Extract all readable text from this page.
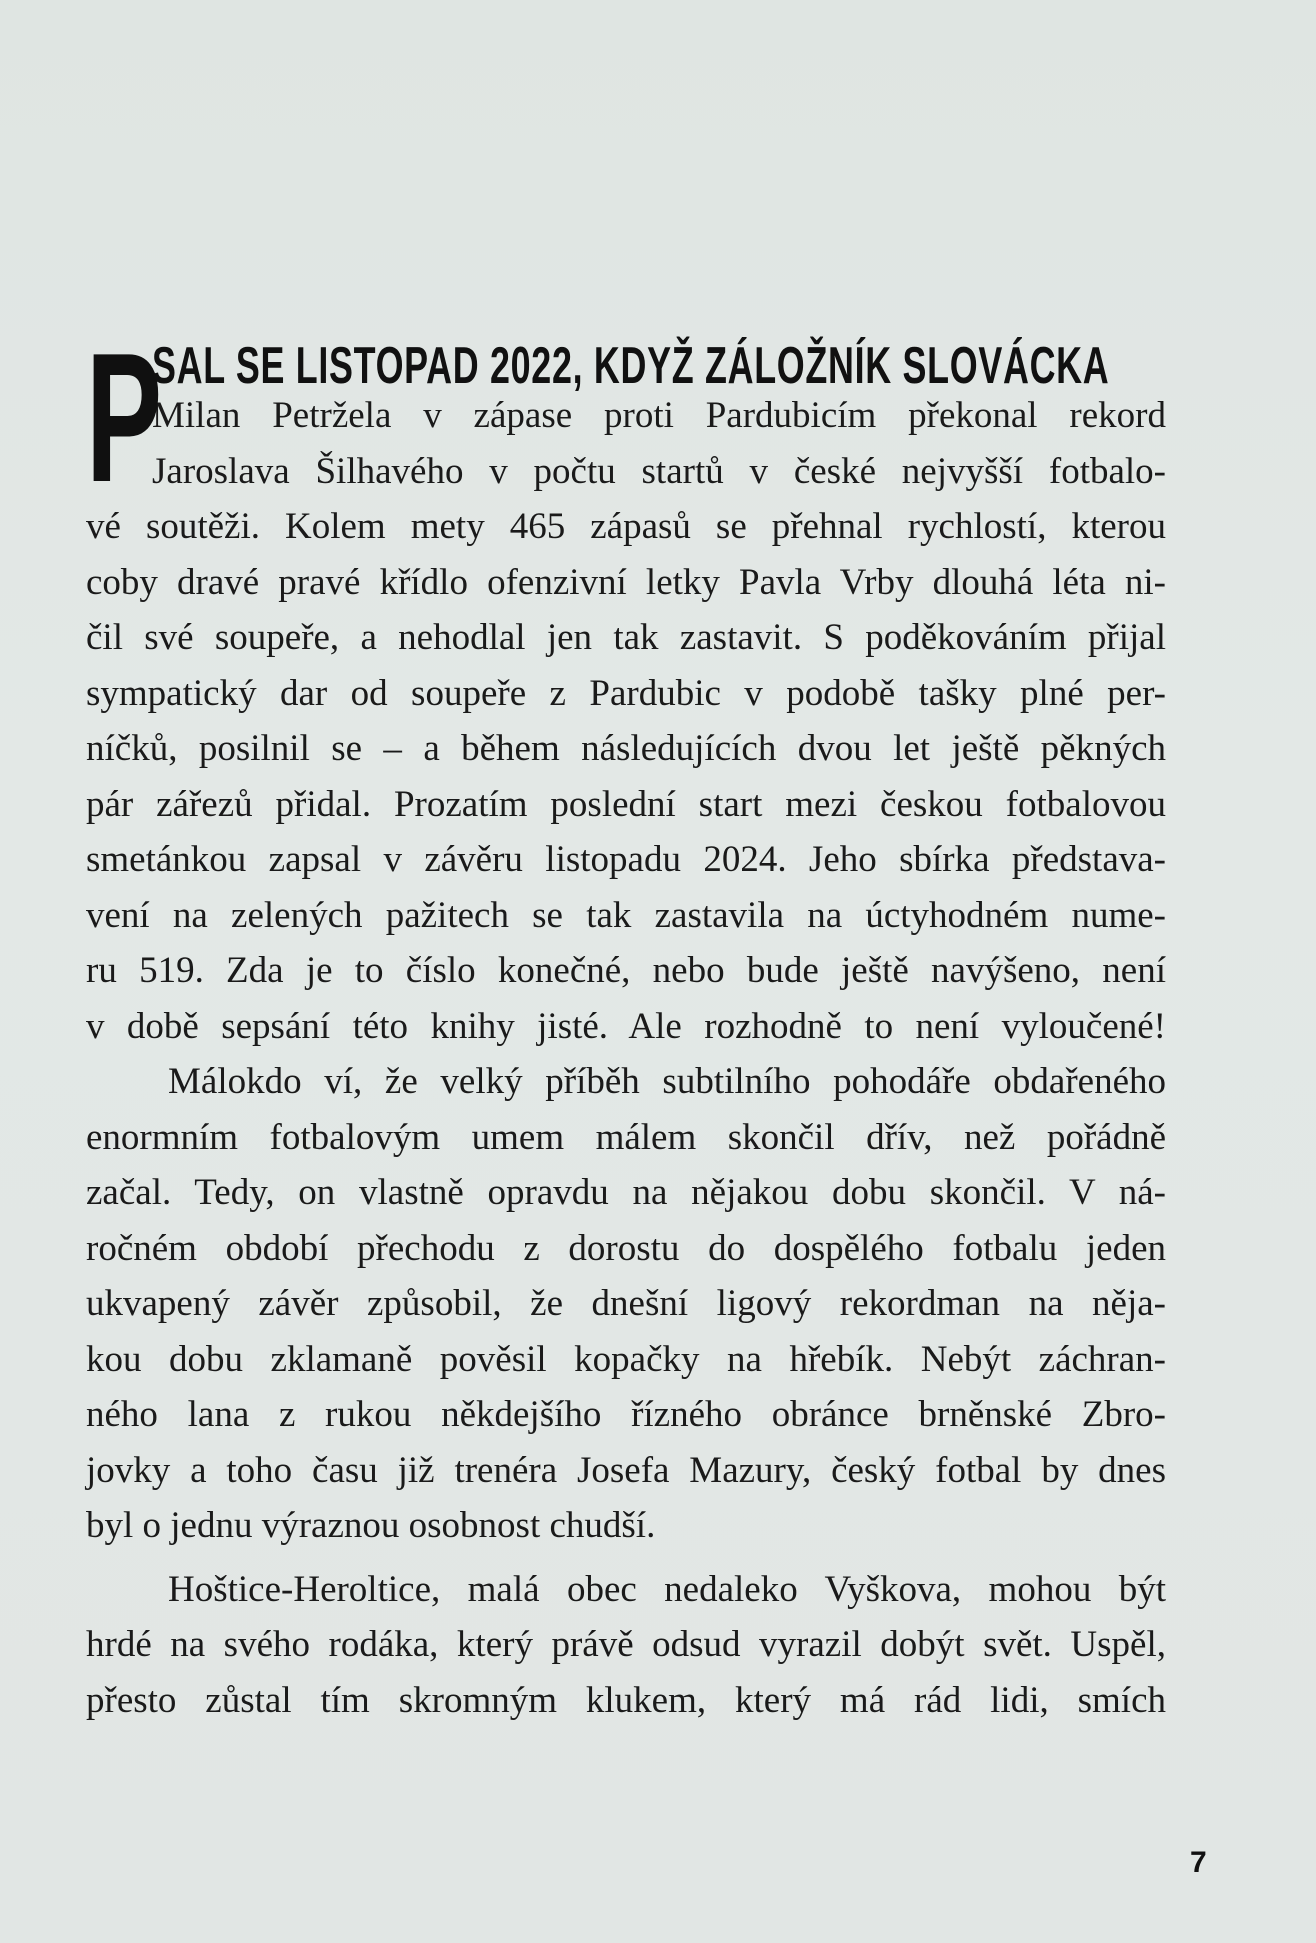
P
SAL SE LISTOPAD 2022, KDYŽ ZÁLOŽNÍK SLOVÁCKA
Milan Petržela v zápase proti Pardubicím překonal rekord
Jaroslava Šilhavého v počtu startů v české nejvyšší fotbalo-
vé soutěži. Kolem mety 465 zápasů se přehnal rychlostí, kterou
coby dravé pravé křídlo ofenzivní letky Pavla Vrby dlouhá léta ni-
čil své soupeře, a nehodlal jen tak zastavit. S poděkováním přijal
sympatický dar od soupeře z Pardubic v podobě tašky plné per-
níčků, posilnil se – a během následujících dvou let ještě pěkných
pár zářezů přidal. Prozatím poslední start mezi českou fotbalovou
smetánkou zapsal v závěru listopadu 2024. Jeho sbírka představa-
vení na zelených pažitech se tak zastavila na úctyhodném nume-
ru 519. Zda je to číslo konečné, nebo bude ještě navýšeno, není
v době sepsání této knihy jisté. Ale rozhodně to není vyloučené!
Málokdo ví, že velký příběh subtilního pohodáře obdařeného
enormním fotbalovým umem málem skončil dřív, než pořádně
začal. Tedy, on vlastně opravdu na nějakou dobu skončil. V ná-
ročném období přechodu z dorostu do dospělého fotbalu jeden
ukvapený závěr způsobil, že dnešní ligový rekordman na něja-
kou dobu zklamaně pověsil kopačky na hřebík. Nebýt záchran-
ného lana z rukou někdejšího řízného obránce brněnské Zbro-
jovky a toho času již trenéra Josefa Mazury, český fotbal by dnes
byl o jednu výraznou osobnost chudší.
Hoštice-Heroltice, malá obec nedaleko Vyškova, mohou být
hrdé na svého rodáka, který právě odsud vyrazil dobýt svět. Uspěl,
přesto zůstal tím skromným klukem, který má rád lidi, smích
7
